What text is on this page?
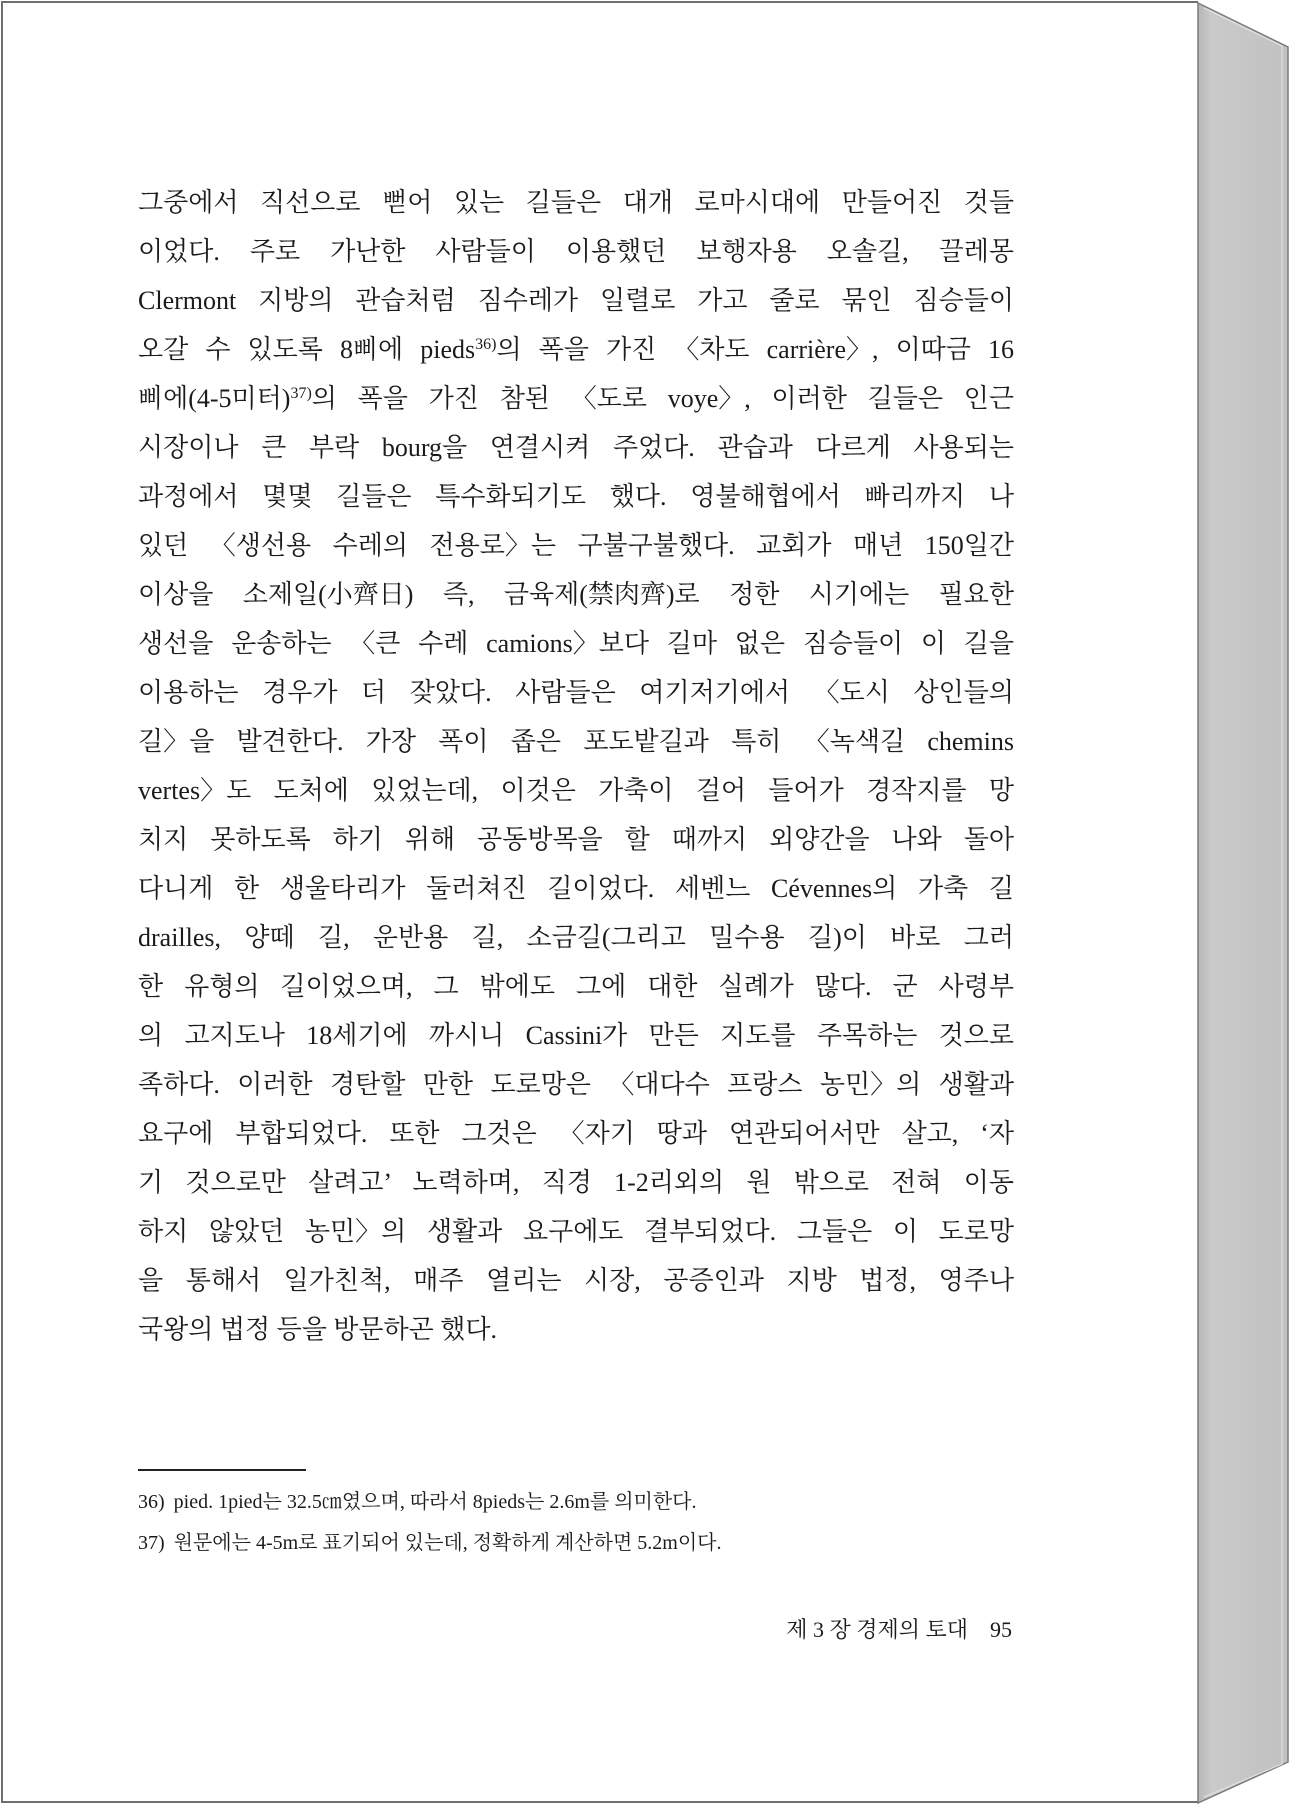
그중에서 직선으로 뻗어 있는 길들은 대개 로마시대에 만들어진 것들
이었다. 주로 가난한 사람들이 이용했던 보행자용 오솔길, 끌레몽
Clermont 지방의 관습처럼 짐수레가 일렬로 가고 줄로 묶인 짐승들이
오갈 수 있도록 8삐에 pieds$^{36)}$의 폭을 가진 〈차도 carrière〉, 이따금 16
삐에(4-5미터)$^{37)}$의 폭을 가진 참된 〈도로 voye〉, 이러한 길들은 인근
시장이나 큰 부락 bourg을 연결시켜 주었다. 관습과 다르게 사용되는
과정에서 몇몇 길들은 특수화되기도 했다. 영불해협에서 빠리까지 나
있던 〈생선용 수레의 전용로〉는 구불구불했다. 교회가 매년 150일간
이상을 소제일(小齊日) 즉, 금육제(禁肉齊)로 정한 시기에는 필요한
생선을 운송하는 〈큰 수레 camions〉보다 길마 없은 짐승들이 이 길을
이용하는 경우가 더 잦았다. 사람들은 여기저기에서 〈도시 상인들의
길〉을 발견한다. 가장 폭이 좁은 포도밭길과 특히 〈녹색길 chemins
vertes〉도 도처에 있었는데, 이것은 가축이 걸어 들어가 경작지를 망
치지 못하도록 하기 위해 공동방목을 할 때까지 외양간을 나와 돌아
다니게 한 생울타리가 둘러쳐진 길이었다. 세벤느 Cévennes의 가축 길
drailles, 양떼 길, 운반용 길, 소금길(그리고 밀수용 길)이 바로 그러
한 유형의 길이었으며, 그 밖에도 그에 대한 실례가 많다. 군 사령부
의 고지도나 18세기에 까시니 Cassini가 만든 지도를 주목하는 것으로
족하다. 이러한 경탄할 만한 도로망은 〈대다수 프랑스 농민〉의 생활과
요구에 부합되었다. 또한 그것은 〈자기 땅과 연관되어서만 살고, ‘자
기 것으로만 살려고’ 노력하며, 직경 1-2리외의 원 밖으로 전혀 이동
하지 않았던 농민〉의 생활과 요구에도 결부되었다. 그들은 이 도로망
을 통해서 일가친척, 매주 열리는 시장, 공증인과 지방 법정, 영주나
국왕의 법정 등을 방문하곤 했다.
36) pied. 1pied는 32.5㎝였으며, 따라서 8pieds는 2.6m를 의미한다.
37) 원문에는 4-5m로 표기되어 있는데, 정확하게 계산하면 5.2m이다.
제 3 장 경제의 토대 95
